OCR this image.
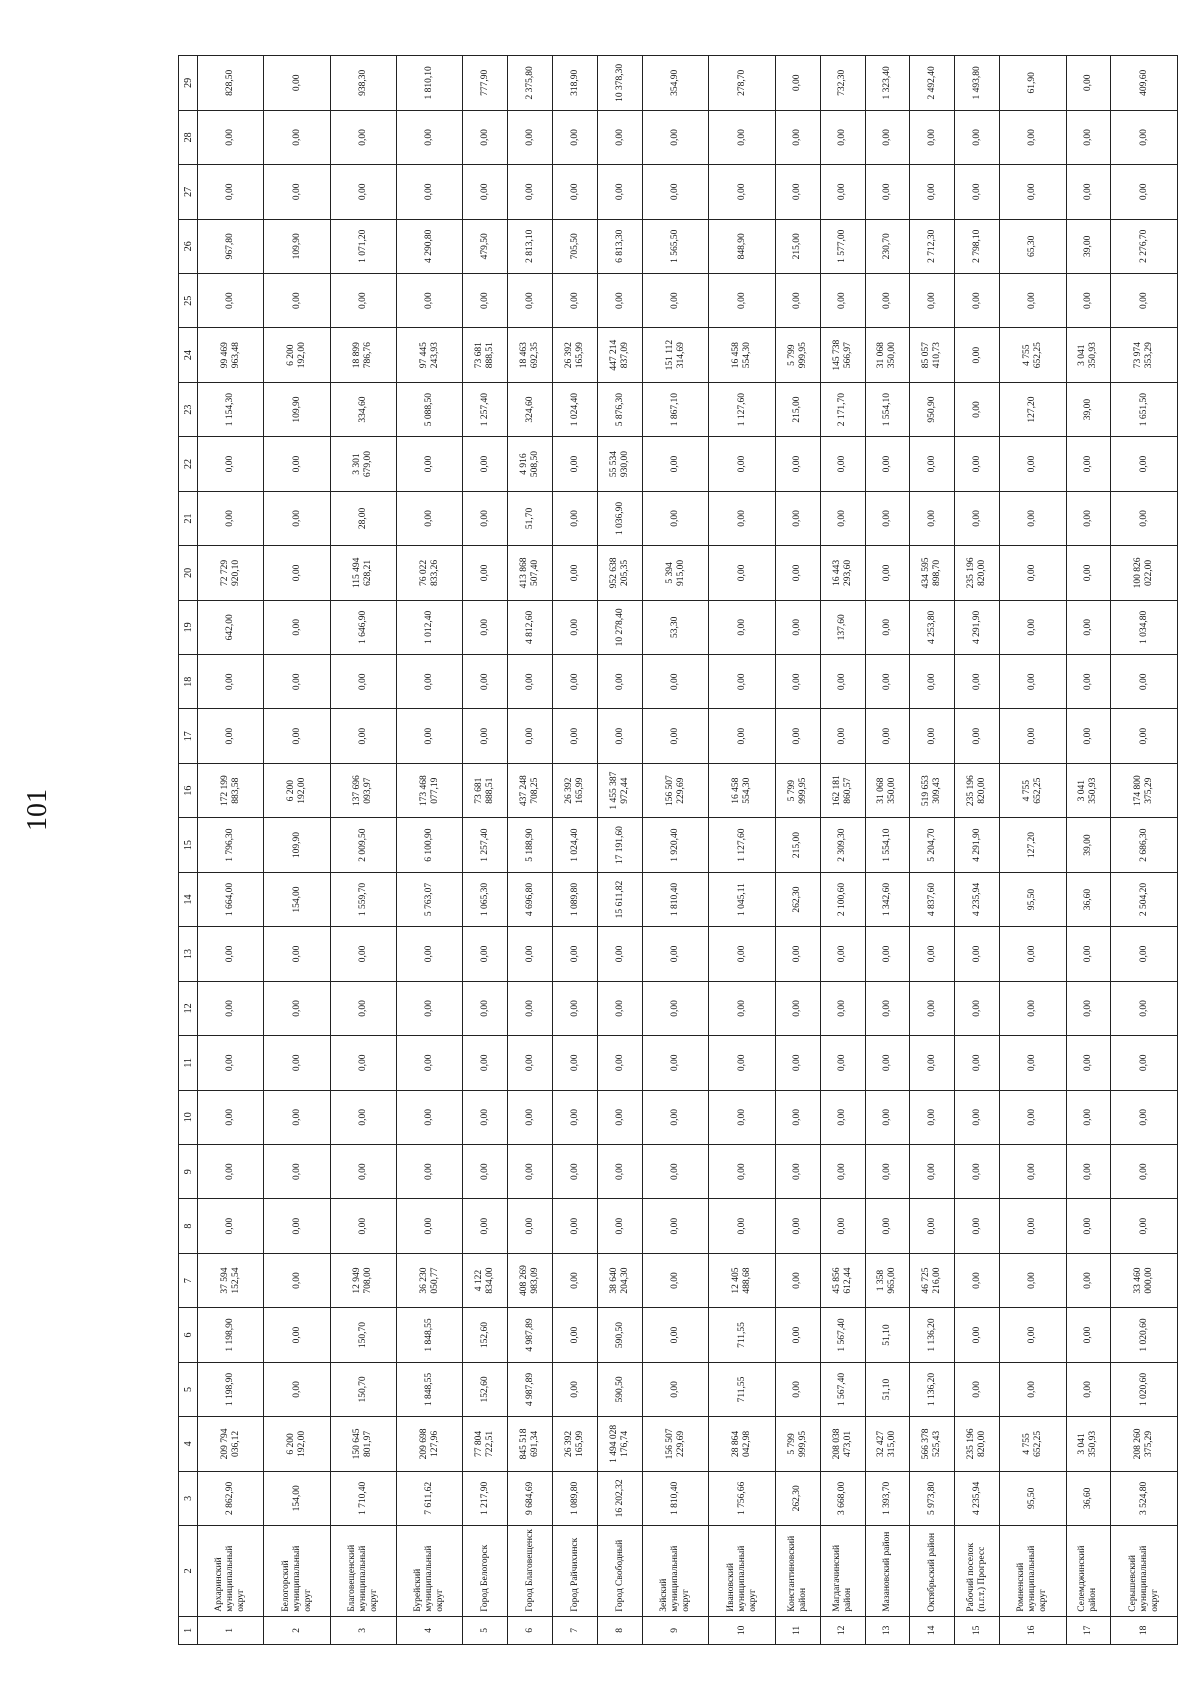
101
1	2	3	4	5	6	7	8	9	10	11	12	13	14	15	16	17	18	19	20	21	22	23	24	25	26	27	28	29
1	Архаринский муниципальный округ	2 862,90	209 794 036,12	1 198,90	1 198,90	37 594 152,54	0,00	0,00	0,00	0,00	0,00	0,00	1 664,00	1 796,30	172 199 883,58	0,00	0,00	642,00	72 729 920,10	0,00	0,00	1 154,30	99 469 963,48	0,00	967,80	0,00	0,00	828,50
2	Белогорский муниципальный округ	154,00	6 200 192,00	0,00	0,00	0,00	0,00	0,00	0,00	0,00	0,00	0,00	154,00	109,90	6 200 192,00	0,00	0,00	0,00	0,00	0,00	0,00	109,90	6 200 192,00	0,00	109,90	0,00	0,00	0,00
3	Благовещенский муниципальный округ	1 710,40	150 645 801,97	150,70	150,70	12 949 708,00	0,00	0,00	0,00	0,00	0,00	0,00	1 559,70	2 009,50	137 696 093,97	0,00	0,00	1 646,90	115 494 628,21	28,00	3 301 679,00	334,60	18 899 786,76	0,00	1 071,20	0,00	0,00	938,30
4	Бурейский муниципальный округ	7 611,62	209 698 127,96	1 848,55	1 848,55	36 230 050,77	0,00	0,00	0,00	0,00	0,00	0,00	5 763,07	6 100,90	173 468 077,19	0,00	0,00	1 012,40	76 022 833,26	0,00	0,00	5 088,50	97 445 243,93	0,00	4 290,80	0,00	0,00	1 810,10
5	Город Белогорск	1 217,90	77 804 722,51	152,60	152,60	4 122 834,00	0,00	0,00	0,00	0,00	0,00	0,00	1 065,30	1 257,40	73 681 888,51	0,00	0,00	0,00	0,00	0,00	0,00	1 257,40	73 681 888,51	0,00	479,50	0,00	0,00	777,90
6	Город Благовещенск	9 684,69	845 518 691,34	4 987,89	4 987,89	408 269 983,09	0,00	0,00	0,00	0,00	0,00	0,00	4 696,80	5 188,90	437 248 708,25	0,00	0,00	4 812,60	413 868 507,40	51,70	4 916 508,50	324,60	18 463 692,35	0,00	2 813,10	0,00	0,00	2 375,80
7	Город Райчихинск	1 089,80	26 392 165,99	0,00	0,00	0,00	0,00	0,00	0,00	0,00	0,00	0,00	1 089,80	1 024,40	26 392 165,99	0,00	0,00	0,00	0,00	0,00	0,00	1 024,40	26 392 165,99	0,00	705,50	0,00	0,00	318,90
8	Город Свободный	16 202,32	1 494 028 176,74	590,50	590,50	38 640 204,30	0,00	0,00	0,00	0,00	0,00	0,00	15 611,82	17 191,60	1 455 387 972,44	0,00	0,00	10 278,40	952 638 205,35	1 036,90	55 534 930,00	5 876,30	447 214 837,09	0,00	6 813,30	0,00	0,00	10 378,30
9	Зейский муниципальный округ	1 810,40	156 507 229,69	0,00	0,00	0,00	0,00	0,00	0,00	0,00	0,00	0,00	1 810,40	1 920,40	156 507 229,69	0,00	0,00	53,30	5 394 915,00	0,00	0,00	1 867,10	151 112 314,69	0,00	1 565,50	0,00	0,00	354,90
10	Ивановский муниципальный округ	1 756,66	28 864 042,98	711,55	711,55	12 405 488,68	0,00	0,00	0,00	0,00	0,00	0,00	1 045,11	1 127,60	16 458 554,30	0,00	0,00	0,00	0,00	0,00	0,00	1 127,60	16 458 554,30	0,00	848,90	0,00	0,00	278,70
11	Константиновский район	262,30	5 799 999,95	0,00	0,00	0,00	0,00	0,00	0,00	0,00	0,00	0,00	262,30	215,00	5 799 999,95	0,00	0,00	0,00	0,00	0,00	0,00	215,00	5 799 999,95	0,00	215,00	0,00	0,00	0,00
12	Магдагачинский район	3 668,00	208 038 473,01	1 567,40	1 567,40	45 856 612,44	0,00	0,00	0,00	0,00	0,00	0,00	2 100,60	2 309,30	162 181 860,57	0,00	0,00	137,60	16 443 293,60	0,00	0,00	2 171,70	145 738 566,97	0,00	1 577,00	0,00	0,00	732,30
13	Мазановский район	1 393,70	32 427 315,00	51,10	51,10	1 358 965,00	0,00	0,00	0,00	0,00	0,00	0,00	1 342,60	1 554,10	31 068 350,00	0,00	0,00	0,00	0,00	0,00	0,00	1 554,10	31 068 350,00	0,00	230,70	0,00	0,00	1 323,40
14	Октябрьский район	5 973,80	566 378 525,43	1 136,20	1 136,20	46 725 216,00	0,00	0,00	0,00	0,00	0,00	0,00	4 837,60	5 204,70	519 653 309,43	0,00	0,00	4 253,80	434 595 898,70	0,00	0,00	950,90	85 057 410,73	0,00	2 712,30	0,00	0,00	2 492,40
15	Рабочий поселок (п.г.т.) Прогресс	4 235,94	235 196 820,00	0,00	0,00	0,00	0,00	0,00	0,00	0,00	0,00	0,00	4 235,94	4 291,90	235 196 820,00	0,00	0,00	4 291,90	235 196 820,00	0,00	0,00	0,00	0,00	0,00	2 798,10	0,00	0,00	1 493,80
16	Ромненский муниципальный округ	95,50	4 755 652,25	0,00	0,00	0,00	0,00	0,00	0,00	0,00	0,00	0,00	95,50	127,20	4 755 652,25	0,00	0,00	0,00	0,00	0,00	0,00	127,20	4 755 652,25	0,00	65,30	0,00	0,00	61,90
17	Селемджинский район	36,60	3 041 350,93	0,00	0,00	0,00	0,00	0,00	0,00	0,00	0,00	0,00	36,60	39,00	3 041 350,93	0,00	0,00	0,00	0,00	0,00	0,00	39,00	3 041 350,93	0,00	39,00	0,00	0,00	0,00
18	Серышевский муниципальный округ	3 524,80	208 260 375,29	1 020,60	1 020,60	33 460 000,00	0,00	0,00	0,00	0,00	0,00	0,00	2 504,20	2 686,30	174 800 375,29	0,00	0,00	1 034,80	100 826 022,00	0,00	0,00	1 651,50	73 974 353,29	0,00	2 276,70	0,00	0,00	409,60
